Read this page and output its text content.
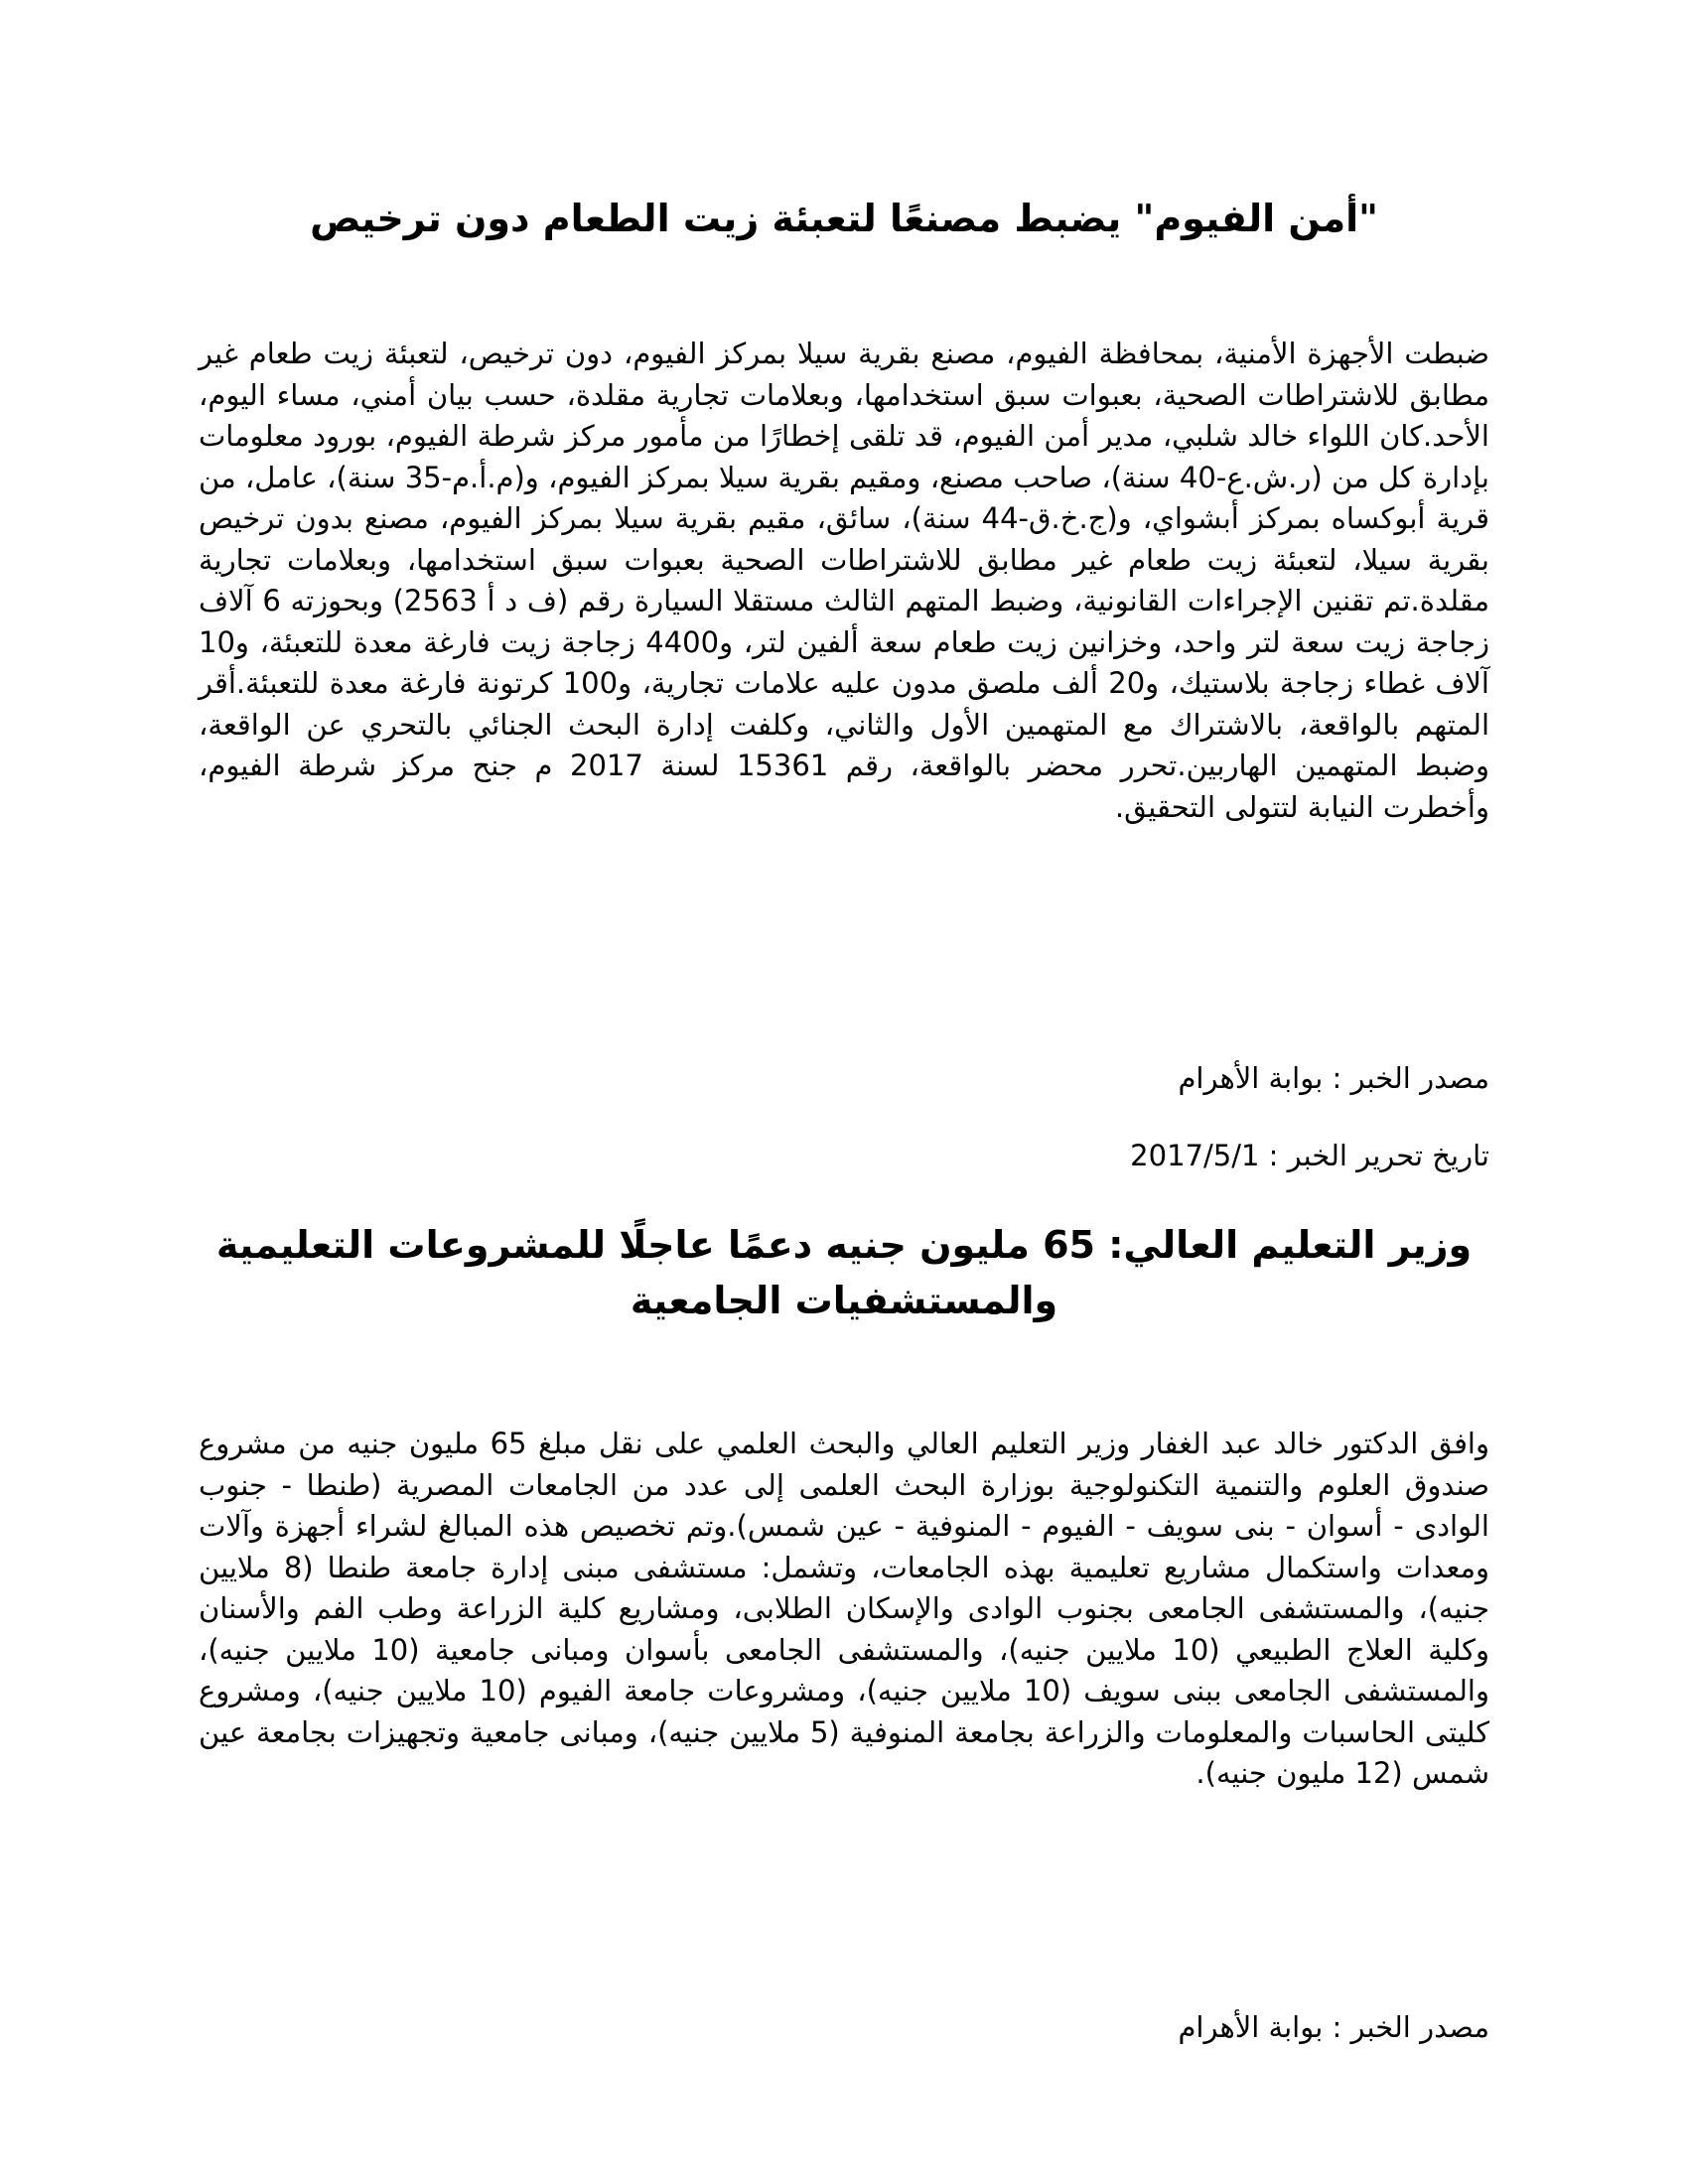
"أمن الفيوم" يضبط مصنعًا لتعبئة زيت الطعام دون ترخيص

ضبطت الأجهزة الأمنية، بمحافظة الفيوم، مصنع بقرية سيلا بمركز الفيوم، دون ترخيص، لتعبئة زيت طعام غير مطابق للاشتراطات الصحية، بعبوات سبق استخدامها، وبعلامات تجارية مقلدة، حسب بيان أمني، مساء اليوم، الأحد.كان اللواء خالد شلبي، مدير أمن الفيوم، قد تلقى إخطارًا من مأمور مركز شرطة الفيوم، بورود معلومات بإدارة كل من (ر.ش.ع-40 سنة)، صاحب مصنع، ومقيم بقرية سيلا بمركز الفيوم، و(م.أ.م-35 سنة)، عامل، من قرية أبوكساه بمركز أبشواي، و(ج.خ.ق-44 سنة)، سائق، مقيم بقرية سيلا بمركز الفيوم، مصنع بدون ترخيص بقرية سيلا، لتعبئة زيت طعام غير مطابق للاشتراطات الصحية بعبوات سبق استخدامها، وبعلامات تجارية مقلدة.تم تقنين الإجراءات القانونية، وضبط المتهم الثالث مستقلا السيارة رقم (ف د أ 2563) وبحوزته 6 آلاف زجاجة زيت سعة لتر واحد، وخزانين زيت طعام سعة ألفين لتر، و4400 زجاجة زيت فارغة معدة للتعبئة، و10 آلاف غطاء زجاجة بلاستيك، و20 ألف ملصق مدون عليه علامات تجارية، و100 كرتونة فارغة معدة للتعبئة.أقر المتهم بالواقعة، بالاشتراك مع المتهمين الأول والثاني، وكلفت إدارة البحث الجنائي بالتحري عن الواقعة، وضبط المتهمين الهاربين.تحرر محضر بالواقعة، رقم 15361 لسنة 2017 م جنح مركز شرطة الفيوم، وأخطرت النيابة لتتولى التحقيق.

مصدر الخبر : بوابة الأهرام

تاريخ تحرير الخبر : 2017/5/1

وزير التعليم العالي: 65 مليون جنيه دعمًا عاجلًا للمشروعات التعليمية والمستشفيات الجامعية

وافق الدكتور خالد عبد الغفار وزير التعليم العالي والبحث العلمي على نقل مبلغ 65 مليون جنيه من مشروع صندوق العلوم والتنمية التكنولوجية بوزارة البحث العلمى إلى عدد من الجامعات المصرية (طنطا - جنوب الوادى - أسوان - بنى سويف - الفيوم - المنوفية - عين شمس).وتم تخصيص هذه المبالغ لشراء أجهزة وآلات ومعدات واستكمال مشاريع تعليمية بهذه الجامعات، وتشمل: مستشفى مبنى إدارة جامعة طنطا (8 ملايين جنيه)، والمستشفى الجامعى بجنوب الوادى والإسكان الطلابى، ومشاريع كلية الزراعة وطب الفم والأسنان وكلية العلاج الطبيعي (10 ملايين جنيه)، والمستشفى الجامعى بأسوان ومبانى جامعية (10 ملايين جنيه)، والمستشفى الجامعى ببنى سويف (10 ملايين جنيه)، ومشروعات جامعة الفيوم (10 ملايين جنيه)، ومشروع كليتى الحاسبات والمعلومات والزراعة بجامعة المنوفية (5 ملايين جنيه)، ومبانى جامعية وتجهيزات بجامعة عين شمس (12 مليون جنيه).

مصدر الخبر : بوابة الأهرام
